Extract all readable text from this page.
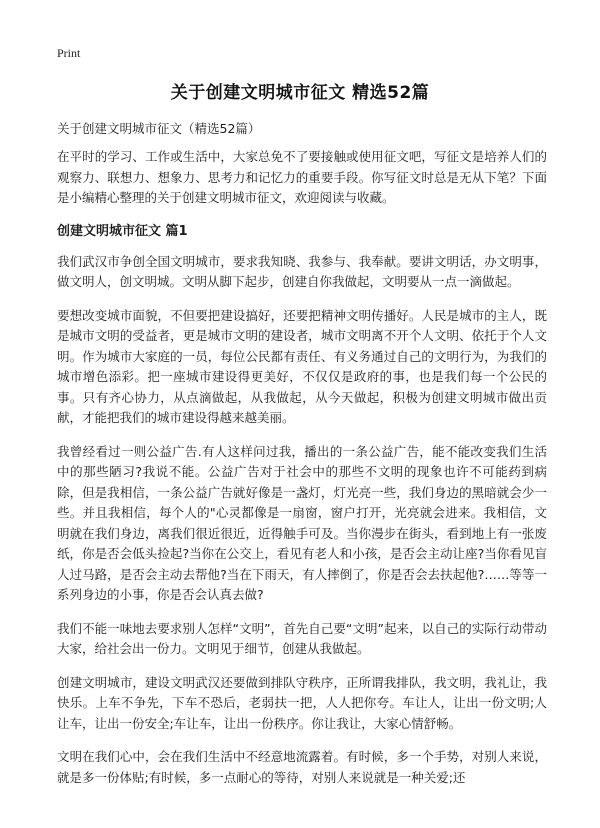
Print
关于创建文明城市征文 精选52篇

关于创建文明城市征文（精选52篇）

在平时的学习、工作或生活中，大家总免不了要接触或使用征文吧，写征文是培养人们的观察力、联想力、想象力、思考力和记忆力的重要手段。你写征文时总是无从下笔？下面是小编精心整理的关于创建文明城市征文，欢迎阅读与收藏。

创建文明城市征文 篇1

我们武汉市争创全国文明城市，要求我知晓、我参与、我奉献。要讲文明话，办文明事，做文明人，创文明城。文明从脚下起步，创建自你我做起，文明要从一点一滴做起。

要想改变城市面貌，不但要把建设搞好，还要把精神文明传播好。人民是城市的主人，既是城市文明的受益者，更是城市文明的建设者，城市文明离不开个人文明、依托于个人文明。作为城市大家庭的一员，每位公民都有责任、有义务通过自己的文明行为，为我们的城市增色添彩。把一座城市建设得更美好，不仅仅是政府的事，也是我们每一个公民的事。只有齐心协力，从点滴做起，从我做起，从今天做起，积极为创建文明城市做出贡献，才能把我们的城市建设得越来越美丽。

我曾经看过一则公益广告.有人这样问过我，播出的一条公益广告，能不能改变我们生活中的那些陋习?我说不能。公益广告对于社会中的那些不文明的现象也许不可能药到病除，但是我相信，一条公益广告就好像是一盏灯，灯光亮一些，我们身边的黑暗就会少一些。并且我相信，每个人的"心灵都像是一扇窗，窗户打开，光亮就会进来。我相信，文明就在我们身边，离我们很近很近，近得触手可及。当你漫步在街头，看到地上有一张废纸，你是否会低头捡起?当你在公交上，看见有老人和小孩，是否会主动让座?当你看见盲人过马路，是否会主动去帮他?当在下雨天，有人摔倒了，你是否会去扶起他?……等等一系列身边的小事，你是否会认真去做?

我们不能一味地去要求别人怎样“文明”，首先自己要“文明”起来，以自己的实际行动带动大家，给社会出一份力。文明见于细节，创建从我做起。

创建文明城市，建设文明武汉还要做到排队守秩序，正所谓我排队，我文明，我礼让，我快乐。上车不争先，下车不恐后，老弱扶一把，人人把你夸。车让人，让出一份文明;人让车，让出一份安全;车让车，让出一份秩序。你让我让，大家心情舒畅。

文明在我们心中，会在我们生活中不经意地流露着。有时候，多一个手势，对别人来说，就是多一份体贴;有时候，多一点耐心的等待，对别人来说就是一种关爱;还
